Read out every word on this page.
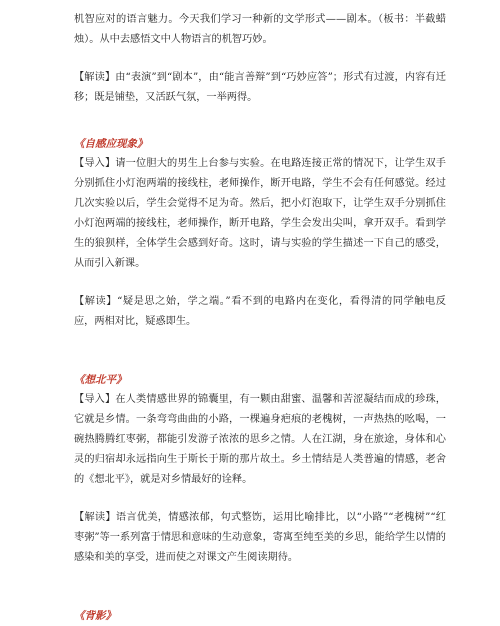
机智应对的语言魅力。今天我们学习一种新的文学形式——剧本。（板书：半截蜡烛）。从中去感悟文中人物语言的机智巧妙。

【解读】由“表演”到“剧本”，由“能言善辩”到“巧妙应答”；形式有过渡，内容有迁移；既是铺垫，又活跃气氛，一举两得。

《自感应现象》

【导入】请一位胆大的男生上台参与实验。在电路连接正常的情况下，让学生双手分别抓住小灯泡两端的接线柱，老师操作，断开电路，学生不会有任何感觉。经过几次实验以后，学生会觉得不足为奇。然后，把小灯泡取下，让学生双手分别抓住小灯泡两端的接线柱，老师操作，断开电路，学生会发出尖叫，拿开双手。看到学生的狼狈样，全体学生会感到好奇。这时，请与实验的学生描述一下自己的感受，从而引入新课。

【解读】“疑是思之始，学之端。”看不到的电路内在变化，看得清的同学触电反应，两相对比，疑惑即生。

《想北平》

【导入】在人类情感世界的锦囊里，有一颗由甜蜜、温馨和苦涩凝结而成的珍珠，它就是乡情。一条弯弯曲曲的小路，一棵遍身疤痕的老槐树，一声热热的吆喝，一碗热腾腾红枣粥，都能引发游子浓浓的思乡之情。人在江湖，身在旅途，身体和心灵的归宿却永远指向生于斯长于斯的那片故土。乡土情结是人类普遍的情感，老舍的《想北平》，就是对乡情最好的诠释。

【解读】语言优美，情感浓郁，句式整饬，运用比喻排比，以“小路”“老槐树”“红枣粥”等一系列富于情思和意味的生动意象，寄寓至纯至美的乡思，能给学生以情的感染和美的享受，进而使之对课文产生阅读期待。

《背影》
